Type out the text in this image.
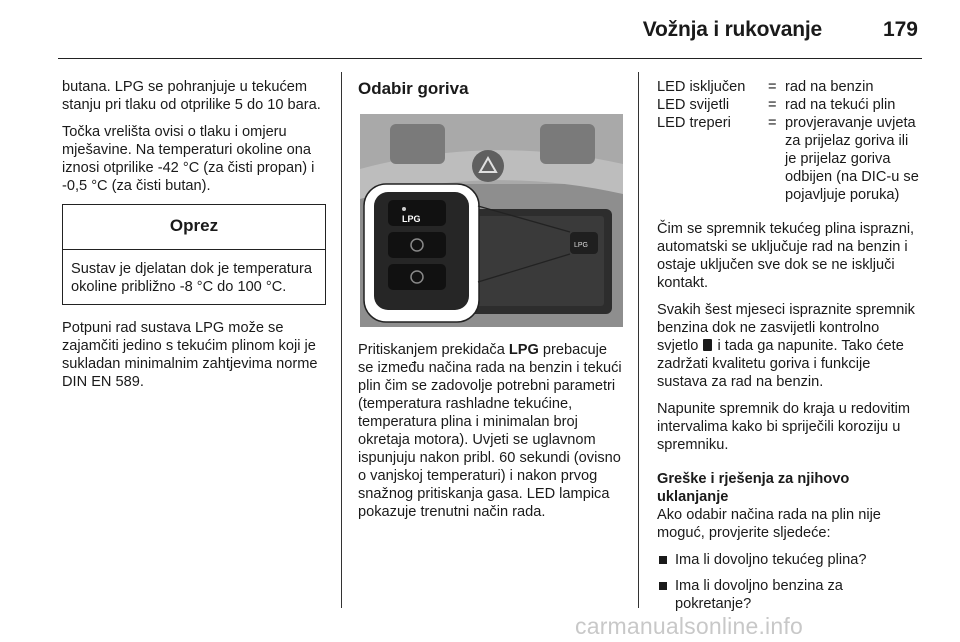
Vožnja i rukovanje	179

butana. LPG se pohranjuje u tekućem stanju pri tlaku od otprilike 5 do 10 bara.

Točka vrelišta ovisi o tlaku i omjeru mješavine. Na temperaturi okoline ona iznosi otprilike -42 °C (za čisti propan) i -0,5 °C (za čisti butan).

Oprez
Sustav je djelatan dok je temperatura okoline približno -8 °C do 100 °C.

Potpuni rad sustava LPG može se zajamčiti jedino s tekućim plinom koji je sukladan minimalnim zahtjevima norme DIN EN 589.

Odabir goriva
LPG
LPG

Pritiskanjem prekidača LPG prebacuje se između načina rada na benzin i tekući plin čim se zadovolje potrebni parametri (temperatura rashladne tekućine, temperatura plina i minimalan broj okretaja motora). Uvjeti se uglavnom ispunjuju nakon pribl. 60 sekundi (ovisno o vanjskoj temperaturi) i nakon prvog snažnog pritiskanja gasa. LED lampica pokazuje trenutni način rada.

LED isključen	=	rad na benzin
LED svijetli	=	rad na tekući plin
LED treperi	=	provjeravanje uvjeta za prijelaz goriva ili je prijelaz goriva odbijen (na DIC-u se pojavljuje poruka)

Čim se spremnik tekućeg plina isprazni, automatski se uključuje rad na benzin i ostaje uključen sve dok se ne isključi kontakt.

Svakih šest mjeseci ispraznite spremnik benzina dok ne zasvijetli kontrolno svjetlo  i tada ga napunite. Tako ćete zadržati kvalitetu goriva i funkcije sustava za rad na benzin.

Napunite spremnik do kraja u redovitim intervalima kako bi spriječili koroziju u spremniku.

Greške i rješenja za njihovo uklanjanje

Ako odabir načina rada na plin nije moguć, provjerite sljedeće:

Ima li dovoljno tekućeg plina?
Ima li dovoljno benzina za pokretanje?
carmanualsonline.info
